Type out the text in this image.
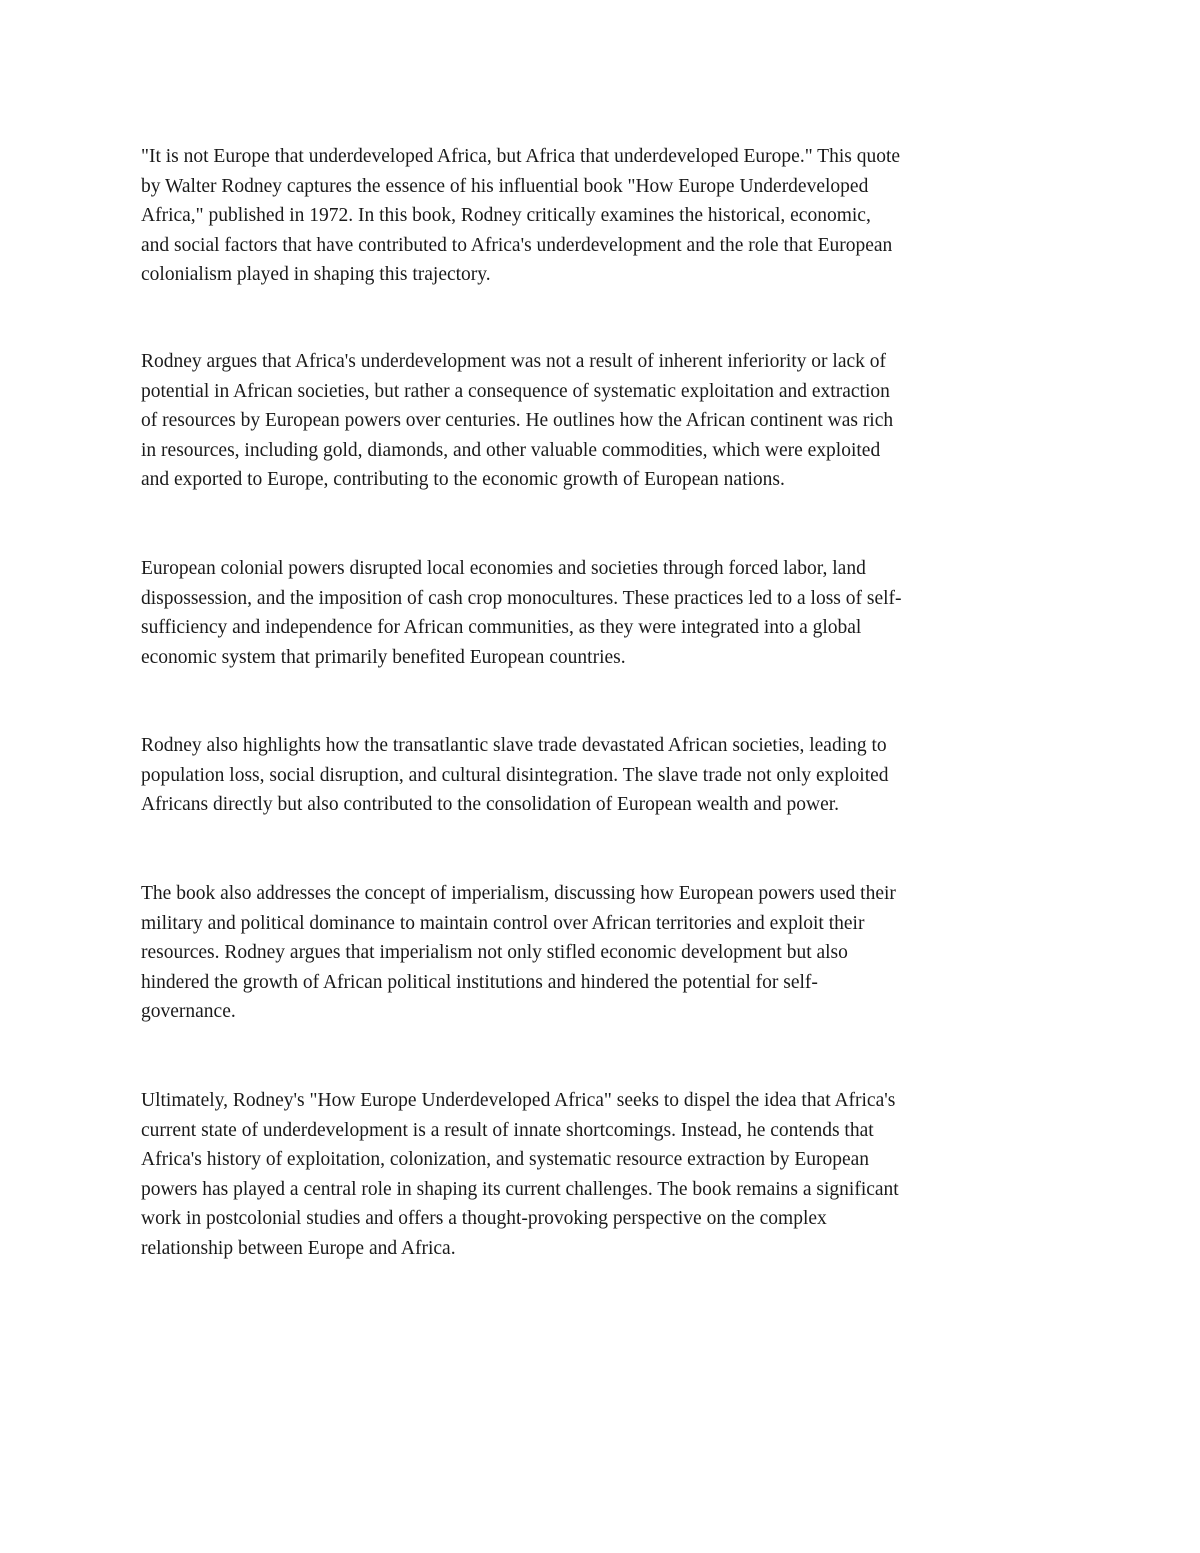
"It is not Europe that underdeveloped Africa, but Africa that underdeveloped Europe." This quote
by Walter Rodney captures the essence of his influential book "How Europe Underdeveloped
Africa," published in 1972. In this book, Rodney critically examines the historical, economic,
and social factors that have contributed to Africa's underdevelopment and the role that European
colonialism played in shaping this trajectory.

Rodney argues that Africa's underdevelopment was not a result of inherent inferiority or lack of
potential in African societies, but rather a consequence of systematic exploitation and extraction
of resources by European powers over centuries. He outlines how the African continent was rich
in resources, including gold, diamonds, and other valuable commodities, which were exploited
and exported to Europe, contributing to the economic growth of European nations.

European colonial powers disrupted local economies and societies through forced labor, land
dispossession, and the imposition of cash crop monocultures. These practices led to a loss of self-
sufficiency and independence for African communities, as they were integrated into a global
economic system that primarily benefited European countries.

Rodney also highlights how the transatlantic slave trade devastated African societies, leading to
population loss, social disruption, and cultural disintegration. The slave trade not only exploited
Africans directly but also contributed to the consolidation of European wealth and power.

The book also addresses the concept of imperialism, discussing how European powers used their
military and political dominance to maintain control over African territories and exploit their
resources. Rodney argues that imperialism not only stifled economic development but also
hindered the growth of African political institutions and hindered the potential for self-
governance.

Ultimately, Rodney's "How Europe Underdeveloped Africa" seeks to dispel the idea that Africa's
current state of underdevelopment is a result of innate shortcomings. Instead, he contends that
Africa's history of exploitation, colonization, and systematic resource extraction by European
powers has played a central role in shaping its current challenges. The book remains a significant
work in postcolonial studies and offers a thought-provoking perspective on the complex
relationship between Europe and Africa.
